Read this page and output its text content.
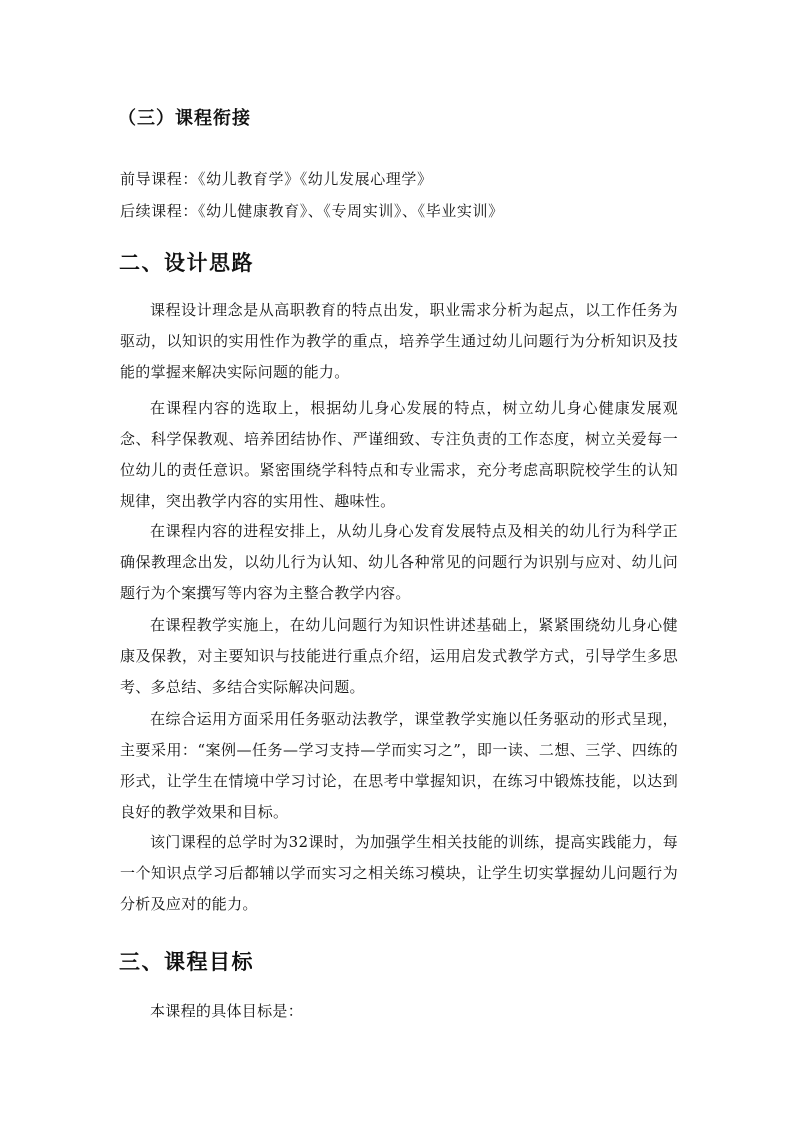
（三）课程衔接
前导课程：《幼儿教育学》《幼儿发展心理学》
后续课程：《幼儿健康教育》、《专周实训》、《毕业实训》
二、设计思路
课程设计理念是从高职教育的特点出发，职业需求分析为起点，以工作任务为驱动，以知识的实用性作为教学的重点，培养学生通过幼儿问题行为分析知识及技能的掌握来解决实际问题的能力。
在课程内容的选取上，根据幼儿身心发展的特点，树立幼儿身心健康发展观念、科学保教观、培养团结协作、严谨细致、专注负责的工作态度，树立关爱每一位幼儿的责任意识。紧密围绕学科特点和专业需求，充分考虑高职院校学生的认知规律，突出教学内容的实用性、趣味性。
在课程内容的进程安排上，从幼儿身心发育发展特点及相关的幼儿行为科学正确保教理念出发，以幼儿行为认知、幼儿各种常见的问题行为识别与应对、幼儿问题行为个案撰写等内容为主整合教学内容。
在课程教学实施上，在幼儿问题行为知识性讲述基础上，紧紧围绕幼儿身心健康及保教，对主要知识与技能进行重点介绍，运用启发式教学方式，引导学生多思考、多总结、多结合实际解决问题。
在综合运用方面采用任务驱动法教学，课堂教学实施以任务驱动的形式呈现，主要采用：“案例—任务—学习支持—学而实习之”，即一读、二想、三学、四练的形式，让学生在情境中学习讨论，在思考中掌握知识，在练习中锻炼技能，以达到良好的教学效果和目标。
该门课程的总学时为32课时，为加强学生相关技能的训练，提高实践能力，每一个知识点学习后都辅以学而实习之相关练习模块，让学生切实掌握幼儿问题行为分析及应对的能力。
三、课程目标
本课程的具体目标是：
